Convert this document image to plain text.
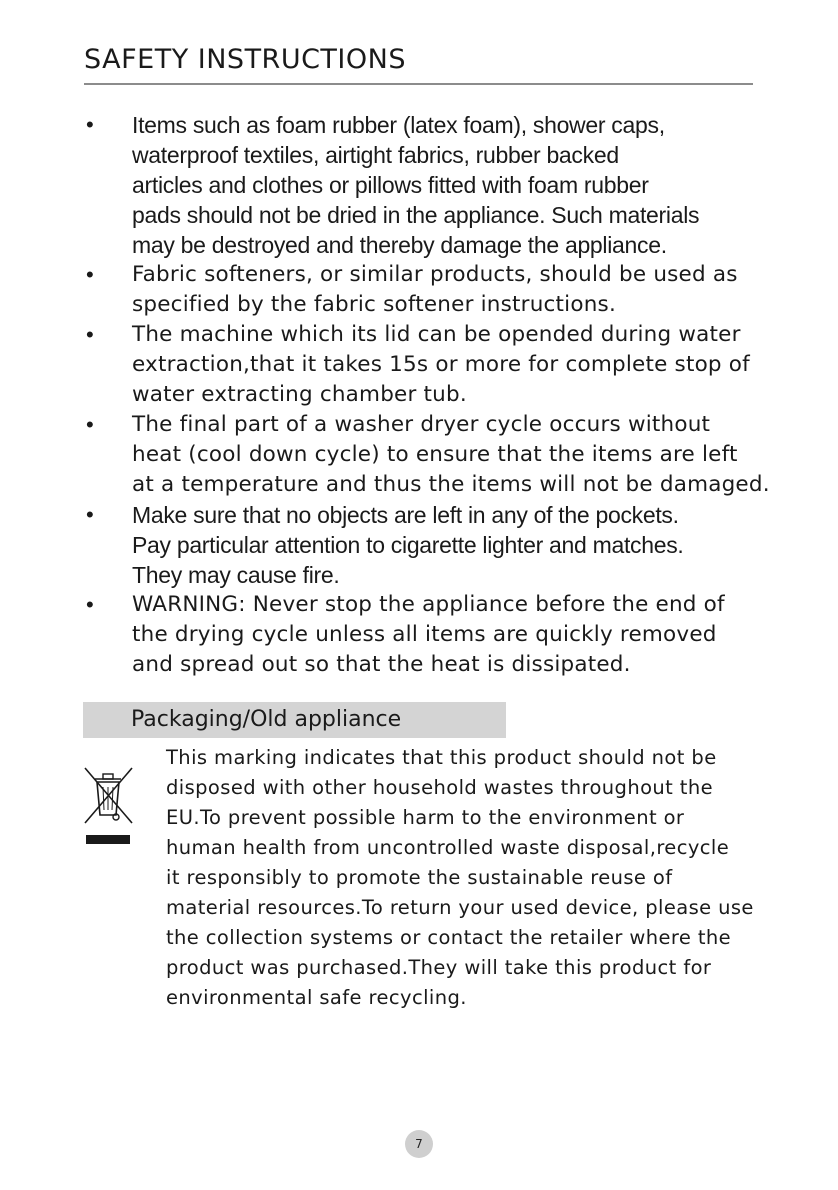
SAFETY INSTRUCTIONS
• Items such as foam rubber (latex foam), shower caps,
waterproof textiles, airtight fabrics, rubber backed
articles and clothes or pillows fitted with foam rubber
pads should not be dried in the appliance. Such materials
may be destroyed and thereby damage the appliance.
• Fabric softeners, or similar products, should be used as
specified by the fabric softener instructions.
• The machine which its lid can be opended during water
extraction,that it takes 15s or more for complete stop of
water extracting chamber tub.
• The final part of a washer dryer cycle occurs without
heat (cool down cycle) to ensure that the items are left
at a temperature and thus the items will not be damaged.
• Make sure that no objects are left in any of the pockets.
Pay particular attention to cigarette lighter and matches.
They may cause fire.
• WARNING: Never stop the appliance before the end of
the drying cycle unless all items are quickly removed
and spread out so that the heat is dissipated.
Packaging/Old appliance
This marking indicates that this product should not be
disposed with other household wastes throughout the
EU.To prevent possible harm to the environment or
human health from uncontrolled waste disposal,recycle
it responsibly to promote the sustainable reuse of
material resources.To return your used device, please use
the collection systems or contact the retailer where the
product was purchased.They will take this product for
environmental safe recycling.
7
